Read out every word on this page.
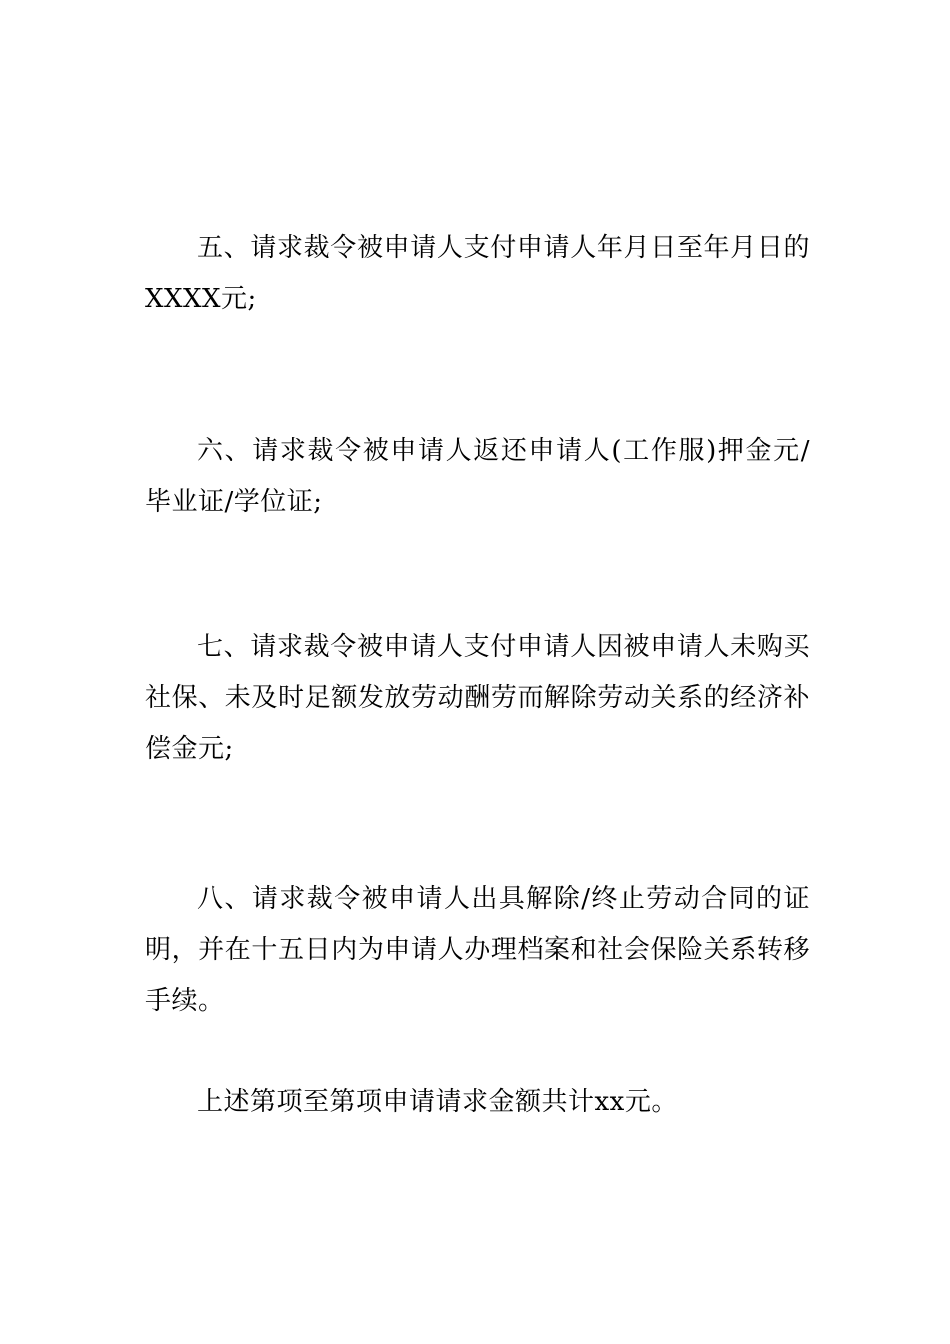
五、请求裁令被申请人支付申请人年月日至年月日的XXXX元;

六、请求裁令被申请人返还申请人(工作服)押金元/毕业证/学位证;

七、请求裁令被申请人支付申请人因被申请人未购买社保、未及时足额发放劳动酬劳而解除劳动关系的经济补偿金元;

八、请求裁令被申请人出具解除/终止劳动合同的证明，并在十五日内为申请人办理档案和社会保险关系转移手续。

上述第项至第项申请请求金额共计xx元。
